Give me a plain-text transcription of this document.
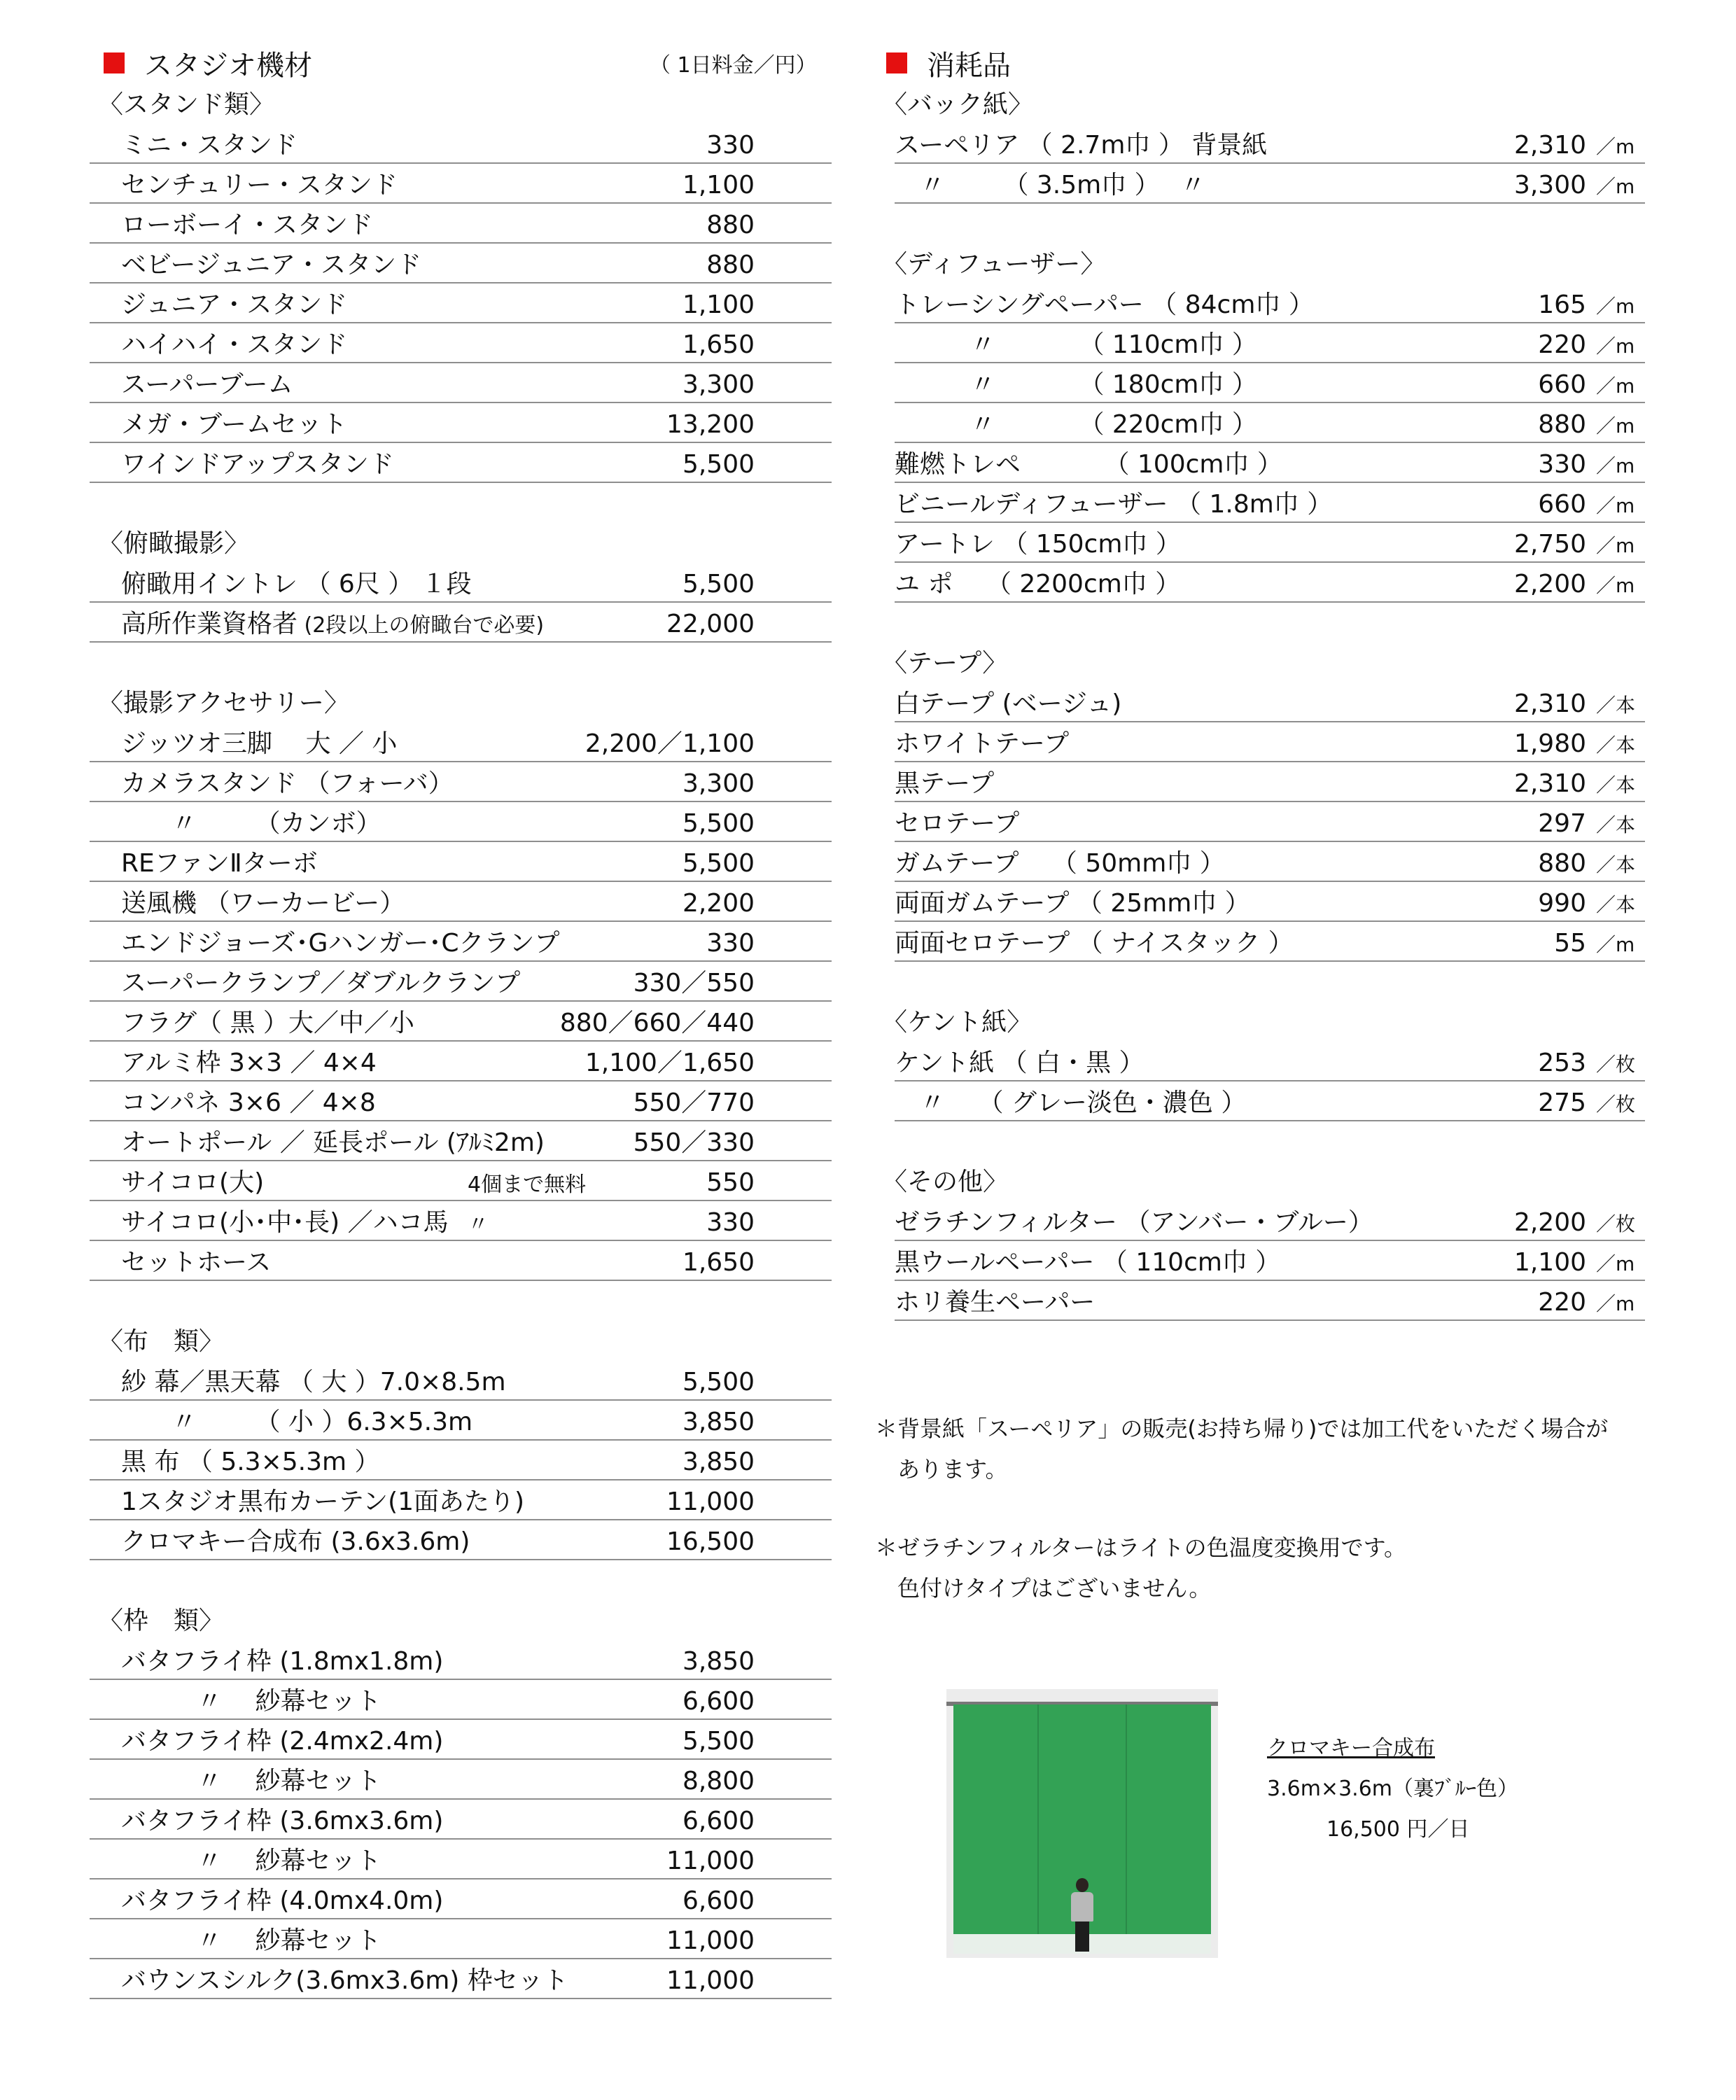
スタジオ機材	（ 1日料金／円）
〈スタンド類〉
ミニ・スタンド	330
センチュリー・スタンド	1,100
ローボーイ・スタンド	880
ベビージュニア・スタンド	880
ジュニア・スタンド	1,100
ハイハイ・スタンド	1,650
スーパーブーム	3,300
メガ・ブームセット	13,200
ワインドアップスタンド	5,500
〈俯瞰撮影〉
俯瞰用イントレ （ 6尺 ） １段	5,500
高所作業資格者 (2段以上の俯瞰台で必要)	22,000
〈撮影アクセサリー〉
ジッツオ三脚　 大 ／ 小	2,200／1,100
カメラスタンド （フォーバ）	3,300
　　〃　　 （カンボ）	5,500
REファンⅡターボ	5,500
送風機 （ワーカービー）	2,200
エンドジョーズ･Gハンガー･Cクランプ	330
スーパークランプ／ダブルクランプ	330／550
フラグ（ 黒 ）大／中／小	880／660／440
アルミ枠 3×3 ／ 4×4	1,100／1,650
コンパネ 3×6 ／ 4×8	550／770
オートポール ／ 延長ポール (ｱﾙﾐ2m)	550／330
サイコロ(大)	4個まで無料	550
サイコロ(小･中･長) ／ハコ馬 〃	330
セットホース	1,650
〈布　類〉
紗 幕／黒天幕 （ 大 ）7.0×8.5m	5,500
　　〃　　 （ 小 ）6.3×5.3m	3,850
黒 布 （ 5.3×5.3m ）	3,850
1スタジオ黒布カーテン(1面あたり)	11,000
クロマキー合成布 (3.6x3.6m)	16,500
〈枠　類〉
バタフライ枠 (1.8mx1.8m)	3,850
　　　〃　 紗幕セット	6,600
バタフライ枠 (2.4mx2.4m)	5,500
　　　〃　 紗幕セット	8,800
バタフライ枠 (3.6mx3.6m)	6,600
　　　〃　 紗幕セット	11,000
バタフライ枠 (4.0mx4.0m)	6,600
　　　〃　 紗幕セット	11,000
バウンスシルク(3.6mx3.6m) 枠セット	11,000
消耗品
〈バック紙〉
スーペリア （ 2.7m巾 ） 背景紙	2,310 ／m
　〃　　 （ 3.5m巾 ）　 〃	3,300 ／m
〈ディフューザー〉
トレーシングペーパー （ 84cm巾 ）	165 ／m
　　　〃　　　 （ 110cm巾 ）	220 ／m
　　　〃　　　 （ 180cm巾 ）	660 ／m
　　　〃　　　 （ 220cm巾 ）	880 ／m
難燃トレペ　　　 （ 100cm巾 ）	330 ／m
ビニールディフューザー （ 1.8m巾 ）	660 ／m
アートレ （ 150cm巾 ）	2,750 ／m
ユ ポ　 （ 2200cm巾 ）	2,200 ／m
〈テープ〉
白テープ (ベージュ)	2,310 ／本
ホワイトテープ	1,980 ／本
黒テープ	2,310 ／本
セロテープ	297 ／本
ガムテープ　 （ 50mm巾 ）	880 ／本
両面ガムテープ （ 25mm巾 ）	990 ／本
両面セロテープ （ ナイスタック ）	55 ／m
〈ケント紙〉
ケント紙 （ 白・黒 ）	253 ／枚
　〃　 （ グレー淡色・濃色 ）	275 ／枚
〈その他〉
ゼラチンフィルター （アンバー・ブルー）	2,200 ／枚
黒ウールペーパー （ 110cm巾 ）	1,100 ／m
ホリ養生ペーパー	220 ／m
＊背景紙「スーペリア」の販売(お持ち帰り)では加工代をいただく場合が
　あります。
＊ゼラチンフィルターはライトの色温度変換用です。
　色付けタイプはございません。
クロマキー合成布
3.6m×3.6m（裏ﾌﾞﾙｰ色）
16,500 円／日
